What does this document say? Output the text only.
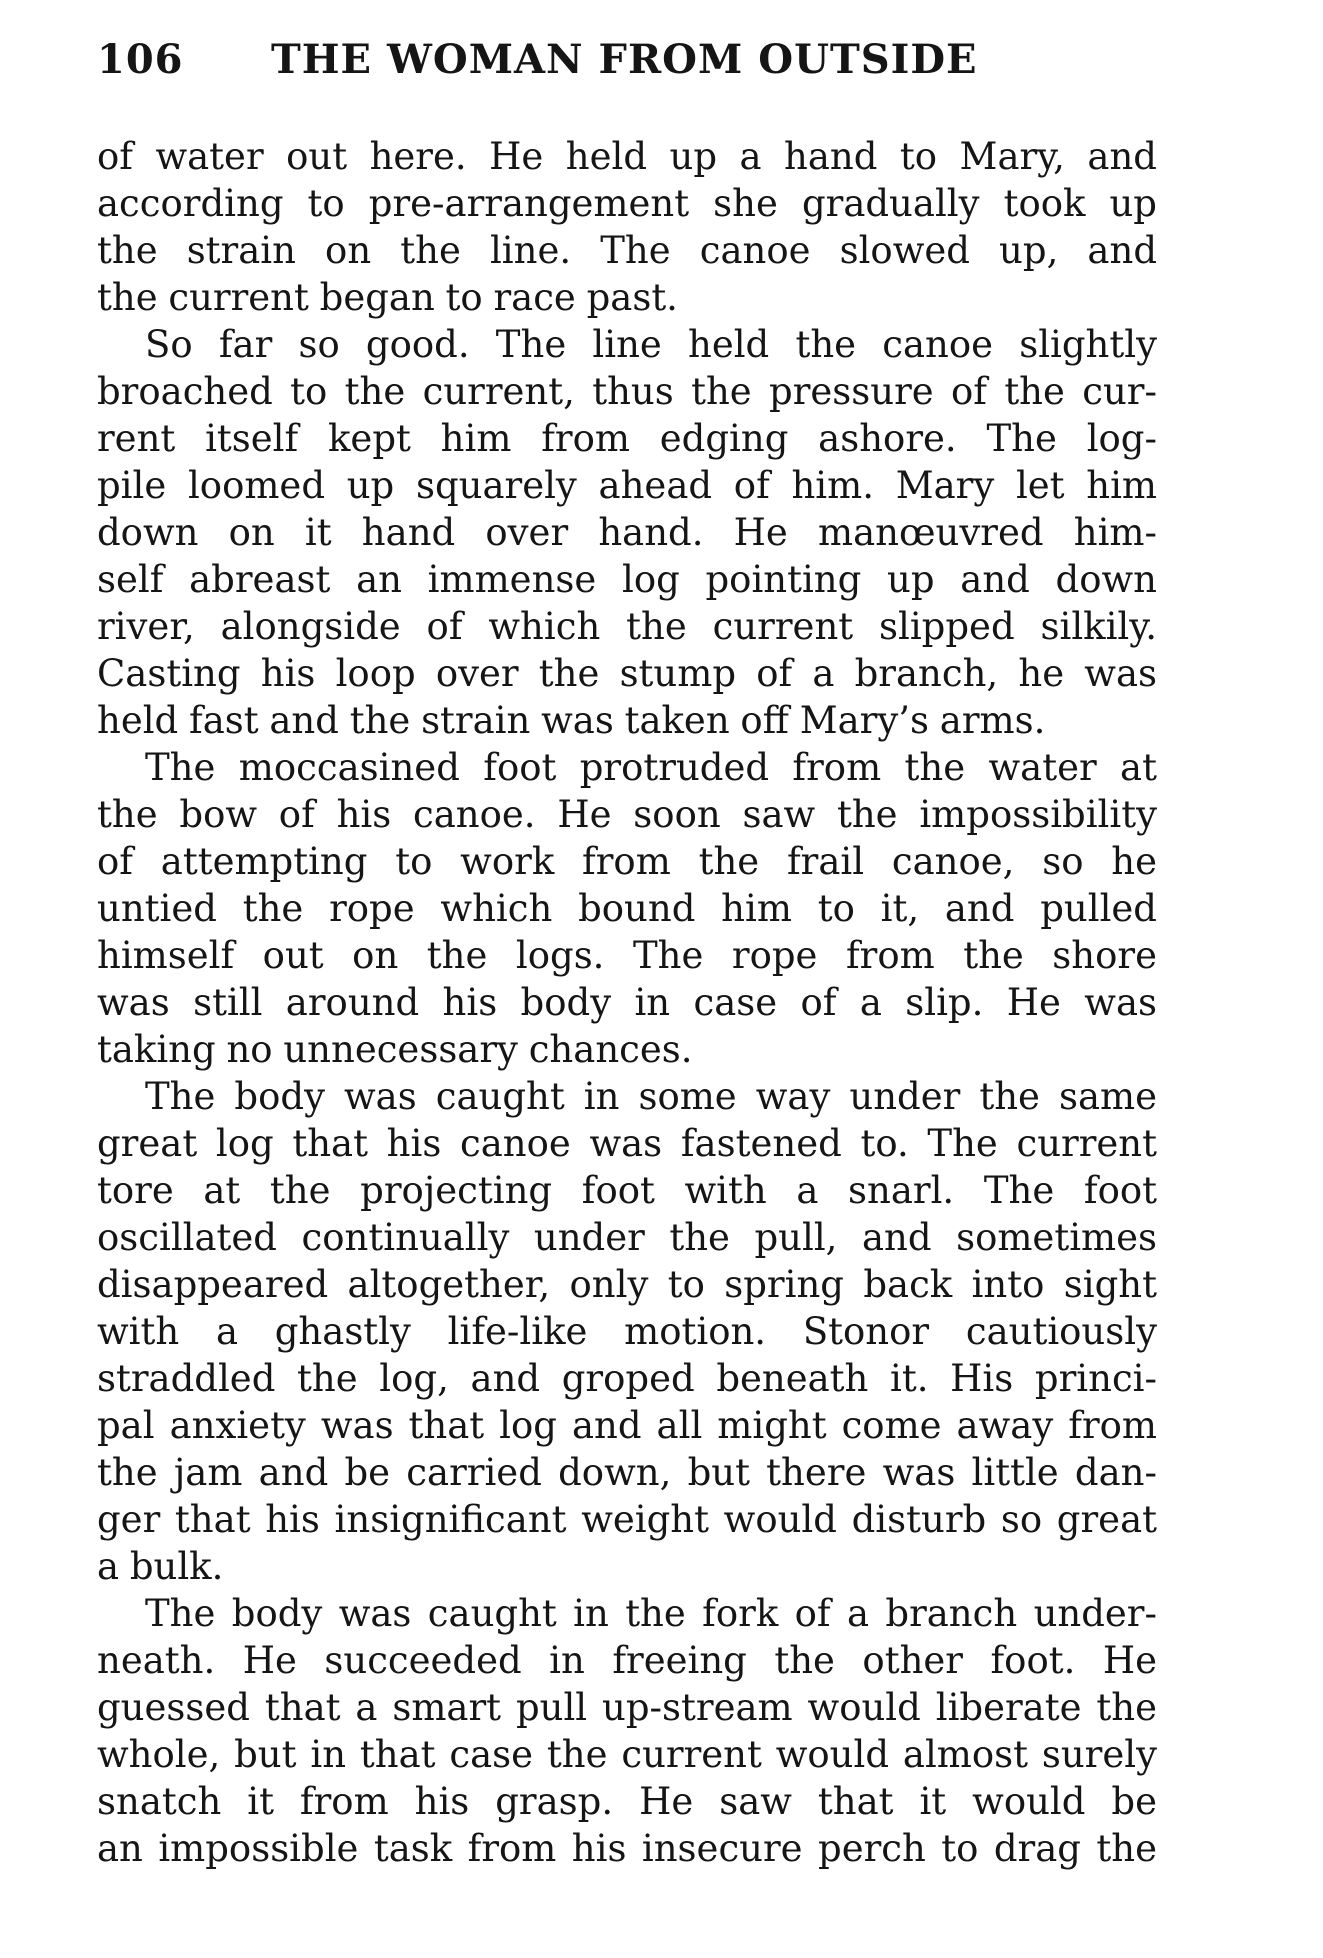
106 THE WOMAN FROM OUTSIDE
of water out here. He held up a hand to Mary, and
according to pre-arrangement she gradually took up
the strain on the line. The canoe slowed up, and
the current began to race past.
So far so good. The line held the canoe slightly
broached to the current, thus the pressure of the cur-
rent itself kept him from edging ashore. The log-
pile loomed up squarely ahead of him. Mary let him
down on it hand over hand. He manœuvred him-
self abreast an immense log pointing up and down
river, alongside of which the current slipped silkily.
Casting his loop over the stump of a branch, he was
held fast and the strain was taken off Mary’s arms.
The moccasined foot protruded from the water at
the bow of his canoe. He soon saw the impossibility
of attempting to work from the frail canoe, so he
untied the rope which bound him to it, and pulled
himself out on the logs. The rope from the shore
was still around his body in case of a slip. He was
taking no unnecessary chances.
The body was caught in some way under the same
great log that his canoe was fastened to. The current
tore at the projecting foot with a snarl. The foot
oscillated continually under the pull, and sometimes
disappeared altogether, only to spring back into sight
with a ghastly life-like motion. Stonor cautiously
straddled the log, and groped beneath it. His princi-
pal anxiety was that log and all might come away from
the jam and be carried down, but there was little dan-
ger that his insignificant weight would disturb so great
a bulk.
The body was caught in the fork of a branch under-
neath. He succeeded in freeing the other foot. He
guessed that a smart pull up-stream would liberate the
whole, but in that case the current would almost surely
snatch it from his grasp. He saw that it would be
an impossible task from his insecure perch to drag the
